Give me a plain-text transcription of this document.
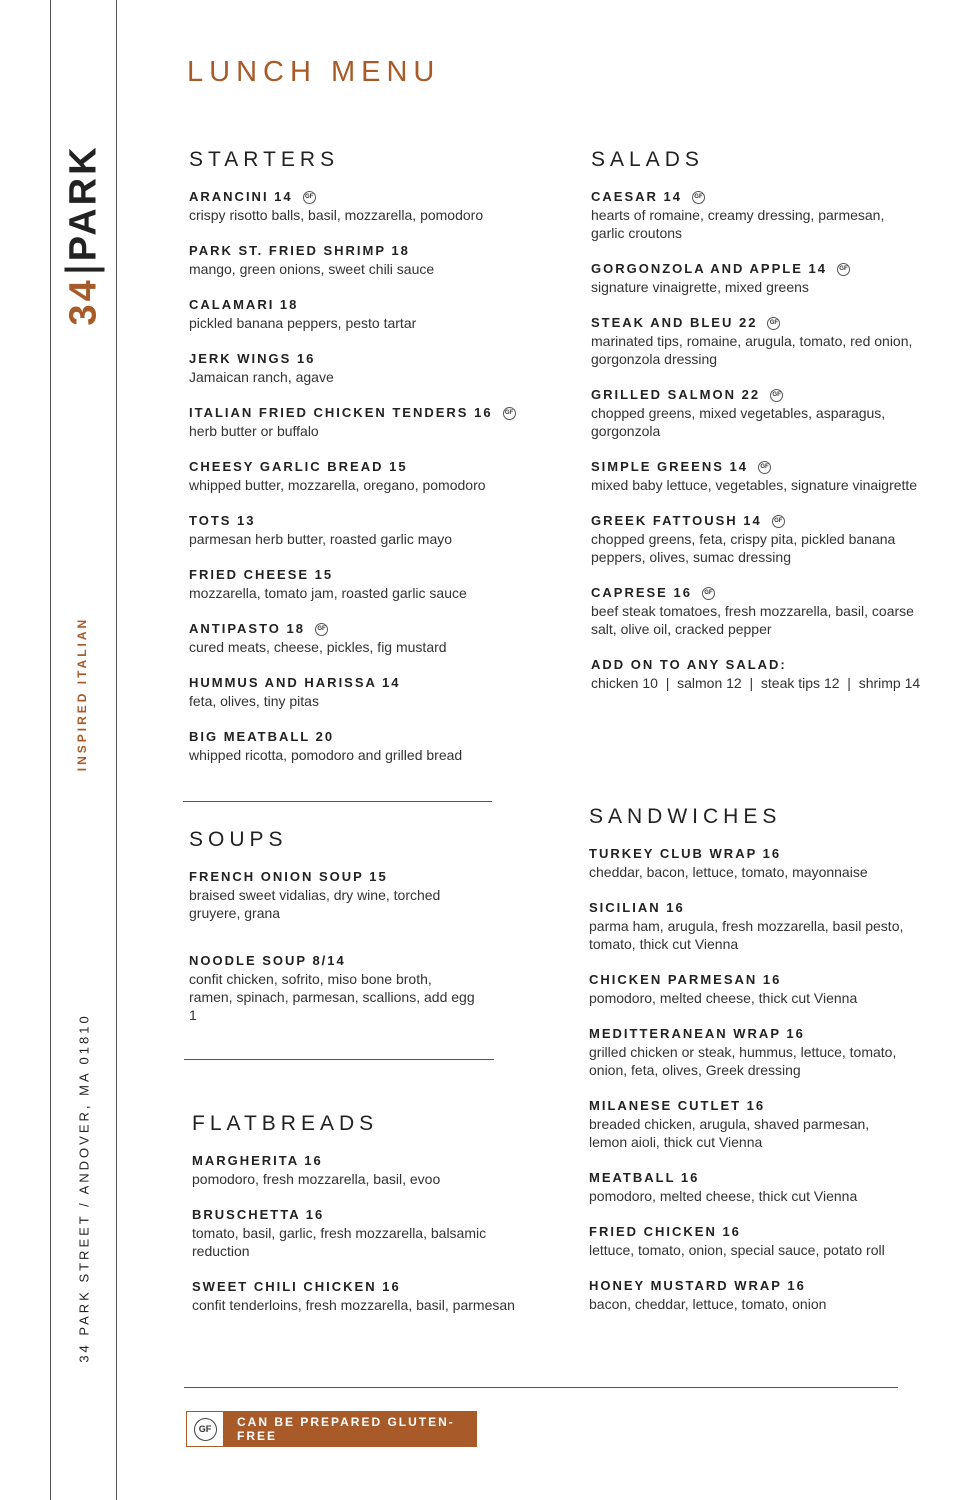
34
PARK
INSPIRED ITALIAN
34 PARK STREET / ANDOVER, MA 01810
LUNCH MENU
STARTERS
ARANCINI 14	GF
crispy risotto balls, basil, mozzarella, pomodoro
PARK ST. FRIED SHRIMP 18
mango, green onions, sweet chili sauce
CALAMARI 18
pickled banana peppers, pesto tartar
JERK WINGS 16
Jamaican ranch, agave
ITALIAN FRIED CHICKEN TENDERS 16	GF
herb butter or buffalo
CHEESY GARLIC BREAD 15
whipped butter, mozzarella, oregano, pomodoro
TOTS 13
parmesan herb butter, roasted garlic mayo
FRIED CHEESE 15
mozzarella, tomato jam, roasted garlic sauce
ANTIPASTO 18	GF
cured meats, cheese, pickles, fig mustard
HUMMUS AND HARISSA 14
feta, olives, tiny pitas
BIG MEATBALL 20
whipped ricotta, pomodoro and grilled bread
SALADS
CAESAR 14	GF
hearts of romaine, creamy dressing, parmesan, garlic croutons
GORGONZOLA AND APPLE 14	GF
signature vinaigrette, mixed greens
STEAK AND BLEU 22	GF
marinated tips, romaine, arugula, tomato, red onion, gorgonzola dressing
GRILLED SALMON 22	GF
chopped greens, mixed vegetables, asparagus, gorgonzola
SIMPLE GREENS 14	GF
mixed baby lettuce, vegetables, signature vinaigrette
GREEK FATTOUSH 14	GF
chopped greens, feta, crispy pita, pickled banana peppers, olives, sumac dressing
CAPRESE 16	GF
beef steak tomatoes, fresh mozzarella, basil, coarse salt, olive oil, cracked pepper
ADD ON TO ANY SALAD:
chicken 10  |  salmon 12  |  steak tips 12  |  shrimp 14
SOUPS
FRENCH ONION SOUP 15
braised sweet vidalias, dry wine, torched gruyere, grana
NOODLE SOUP 8/14
confit chicken, sofrito, miso bone broth, ramen, spinach, parmesan, scallions, add egg 1
FLATBREADS
MARGHERITA 16
pomodoro, fresh mozzarella, basil, evoo
BRUSCHETTA 16
tomato, basil, garlic, fresh mozzarella, balsamic reduction
SWEET CHILI CHICKEN 16
confit tenderloins, fresh mozzarella, basil, parmesan
SANDWICHES
TURKEY CLUB WRAP 16
cheddar, bacon, lettuce, tomato, mayonnaise
SICILIAN 16
parma ham, arugula, fresh mozzarella, basil pesto, tomato, thick cut Vienna
CHICKEN PARMESAN 16
pomodoro, melted cheese, thick cut Vienna
MEDITTERANEAN WRAP 16
grilled chicken or steak, hummus, lettuce, tomato, onion, feta, olives, Greek dressing
MILANESE CUTLET 16
breaded chicken, arugula, shaved parmesan, lemon aioli, thick cut Vienna
MEATBALL 16
pomodoro, melted cheese, thick cut Vienna
FRIED CHICKEN 16
lettuce, tomato, onion, special sauce, potato roll
HONEY MUSTARD WRAP 16
bacon, cheddar, lettuce, tomato, onion
GF	CAN BE PREPARED GLUTEN-FREE
